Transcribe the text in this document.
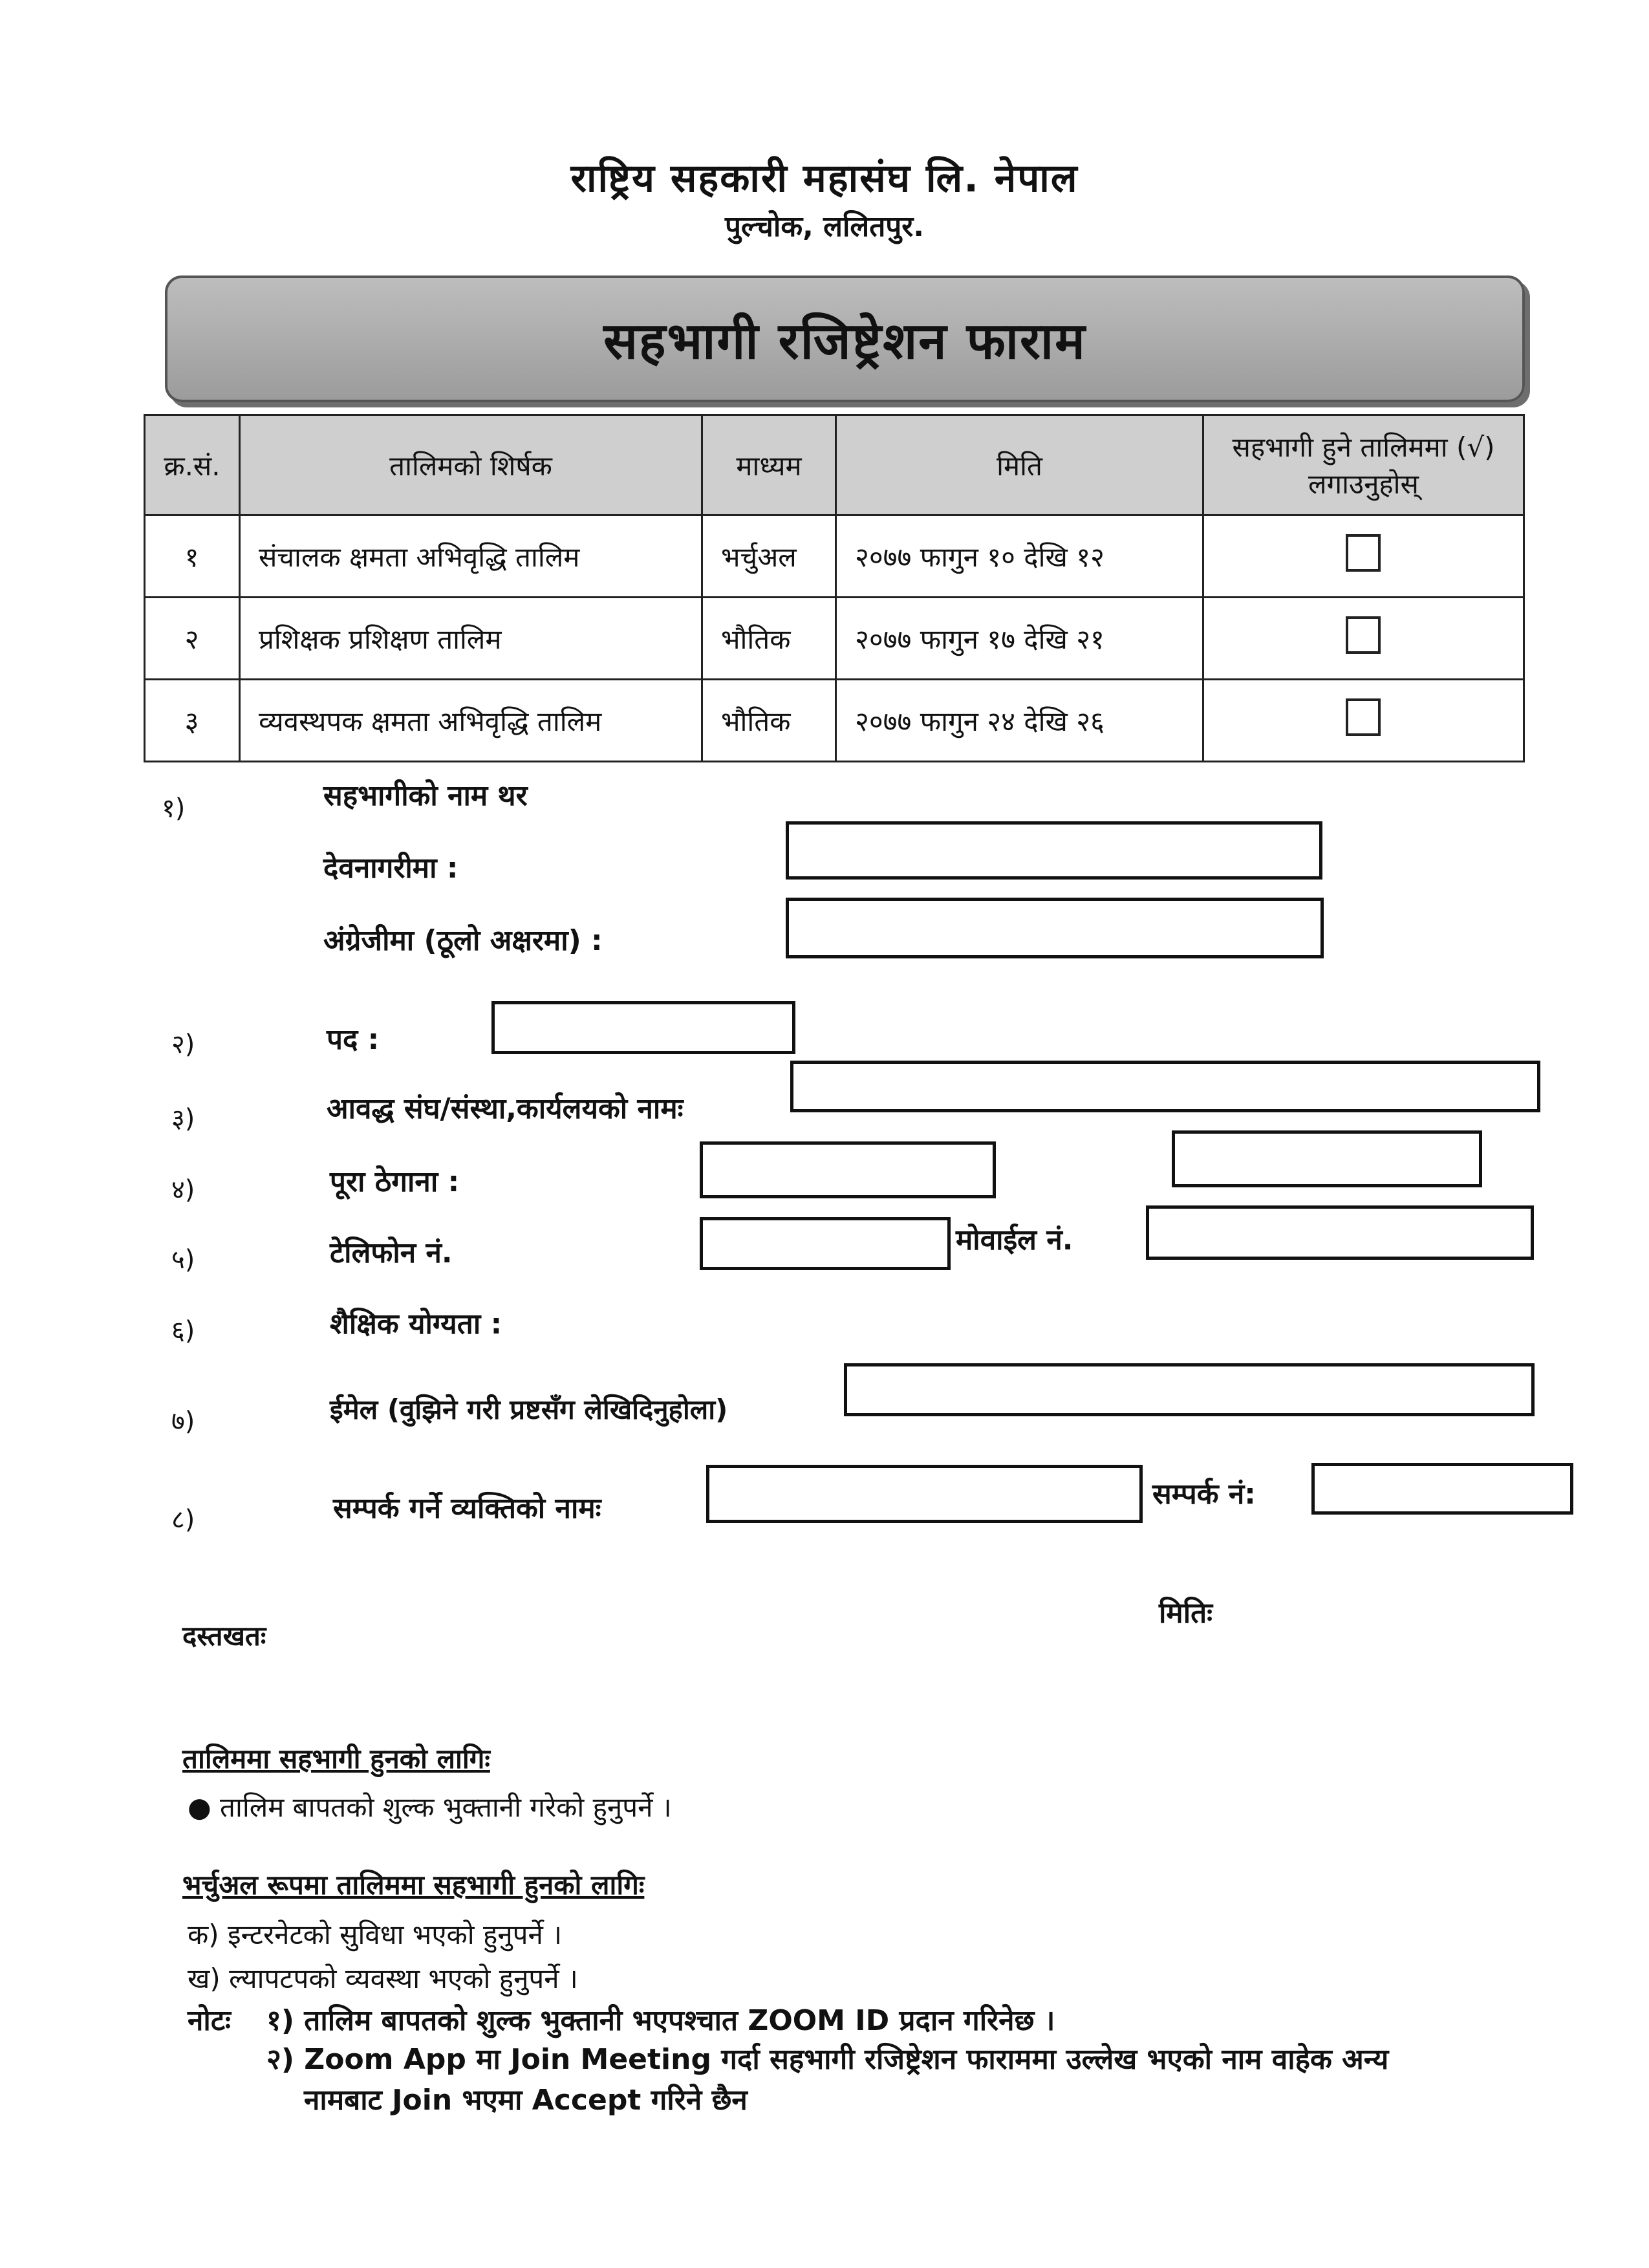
राष्ट्रिय सहकारी महासंघ लि. नेपाल
पुल्चोक, ललितपुर.
सहभागी रजिष्ट्रेशन फाराम
क्र.सं.	तालिमको शिर्षक	माध्यम	मिति	सहभागी हुने तालिममा (√) लगाउनुहोस्
१	संचालक क्षमता अभिवृद्धि तालिम	भर्चुअल	२०७७ फागुन १० देखि १२	
२	प्रशिक्षक प्रशिक्षण तालिम	भौतिक	२०७७ फागुन १७ देखि २१	
३	व्यवस्थपक क्षमता अभिवृद्धि तालिम	भौतिक	२०७७ फागुन २४ देखि २६	
१)	सहभागीको नाम थर
देवनागरीमा :
अंग्रेजीमा (ठूलो अक्षरमा) :
२)	पद :
३)	आवद्ध संघ/संस्था,कार्यलयको नामः
४)	पूरा ठेगाना :
५)	टेलिफोन नं.	मोवाईल नं.
६)	शैक्षिक योग्यता :
७)	ईमेल (वुझिने गरी प्रष्टसँग लेखिदिनुहोला)
८)	सम्पर्क गर्ने व्यक्तिको नामः	सम्पर्क नं:
दस्तखतः
मितिः
तालिममा सहभागी हुनको लागिः
● तालिम बापतको शुल्क भुक्तानी गरेको हुनुपर्ने ।
भर्चुअल रूपमा तालिममा सहभागी हुनको लागिः
क) इन्टरनेटको सुविधा भएको हुनुपर्ने ।
ख) ल्यापटपको व्यवस्था भएको हुनुपर्ने ।
नोटः १) तालिम बापतको शुल्क भुक्तानी भएपश्चात ZOOM ID प्रदान गरिनेछ ।
२) Zoom App मा Join Meeting गर्दा सहभागी रजिष्ट्रेशन फाराममा उल्लेख भएको नाम वाहेक अन्य
नामबाट Join भएमा Accept गरिने छैन
